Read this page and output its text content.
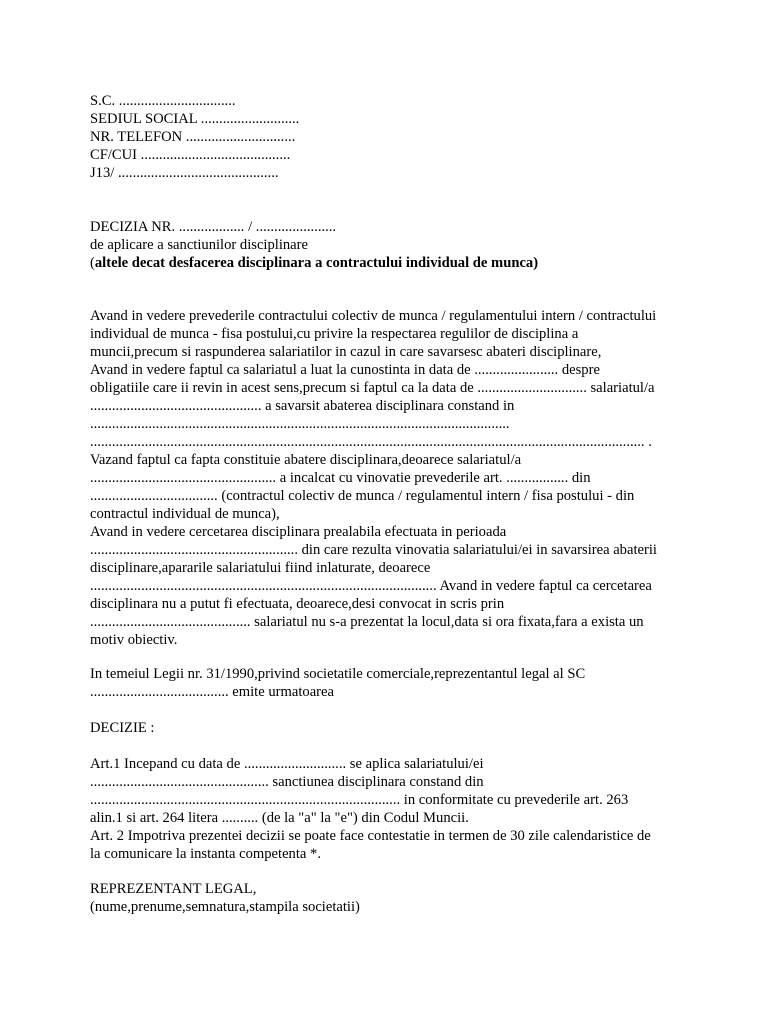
S.C. ................................
SEDIUL SOCIAL ...........................
NR. TELEFON ..............................
CF/CUI .........................................
J13/ ............................................
DECIZIA NR. .................. / ......................
de aplicare a sanctiunilor disciplinare
(altele decat desfacerea disciplinara a contractului individual de munca)
Avand in vedere prevederile contractului colectiv de munca / regulamentului intern / contractului
individual de munca - fisa postului,cu privire la respectarea regulilor de disciplina a
muncii,precum si raspunderea salariatilor in cazul in care savarsesc abateri disciplinare,
Avand in vedere faptul ca salariatul a luat la cunostinta in data de ....................... despre
obligatiile care ii revin in acest sens,precum si faptul ca la data de .............................. salariatul/a
............................................... a savarsit abaterea disciplinara constand in
...................................................................................................................
........................................................................................................................................................ .
Vazand faptul ca fapta constituie abatere disciplinara,deoarece salariatul/a
................................................... a incalcat cu vinovatie prevederile art. ................. din
................................... (contractul colectiv de munca / regulamentul intern / fisa postului - din
contractul individual de munca),
Avand in vedere cercetarea disciplinara prealabila efectuata in perioada
......................................................... din care rezulta vinovatia salariatului/ei in savarsirea abaterii
disciplinare,apararile salariatului fiind inlaturate, deoarece
............................................................................................... Avand in vedere faptul ca cercetarea
disciplinara nu a putut fi efectuata, deoarece,desi convocat in scris prin
............................................ salariatul nu s-a prezentat la locul,data si ora fixata,fara a exista un
motiv obiectiv.
In temeiul Legii nr. 31/1990,privind societatile comerciale,reprezentantul legal al SC
...................................... emite urmatoarea
DECIZIE :
Art.1 Incepand cu data de ............................ se aplica salariatului/ei
................................................. sanctiunea disciplinara constand din
..................................................................................... in conformitate cu prevederile art. 263
alin.1 si art. 264 litera .......... (de la "a" la "e") din Codul Muncii.
Art. 2 Impotriva prezentei decizii se poate face contestatie in termen de 30 zile calendaristice de
la comunicare la instanta competenta *.
REPREZENTANT LEGAL,
(nume,prenume,semnatura,stampila societatii)
